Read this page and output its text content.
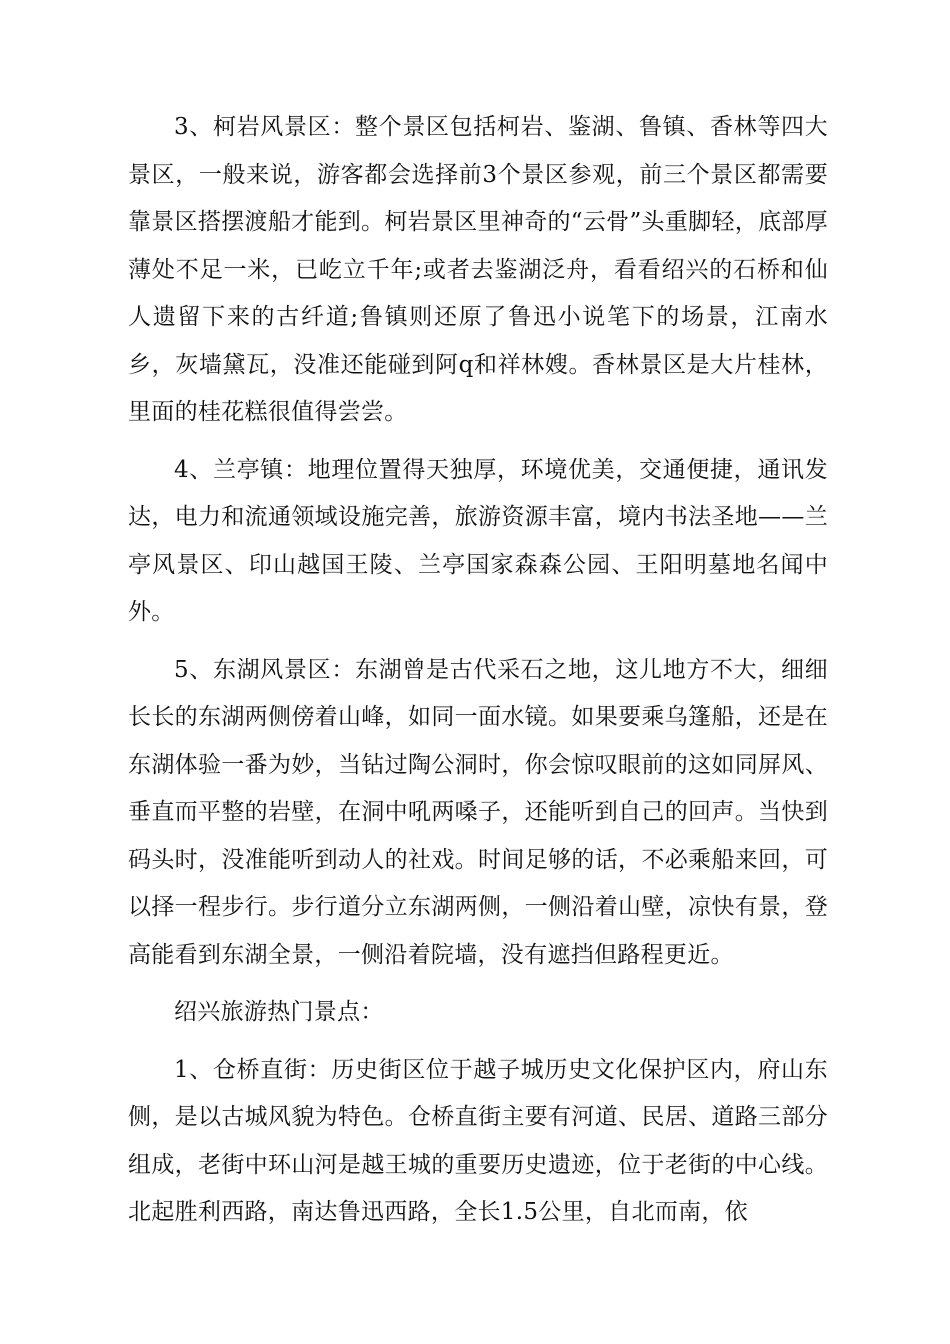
3、柯岩风景区：整个景区包括柯岩、鉴湖、鲁镇、香林等四大景区，一般来说，游客都会选择前3个景区参观，前三个景区都需要靠景区搭摆渡船才能到。柯岩景区里神奇的“云骨”头重脚轻，底部厚薄处不足一米，已屹立千年;或者去鉴湖泛舟，看看绍兴的石桥和仙人遗留下来的古纤道;鲁镇则还原了鲁迅小说笔下的场景，江南水乡，灰墙黛瓦，没准还能碰到阿q和祥林嫂。香林景区是大片桂林，里面的桂花糕很值得尝尝。

4、兰亭镇：地理位置得天独厚，环境优美，交通便捷，通讯发达，电力和流通领域设施完善，旅游资源丰富，境内书法圣地——兰亭风景区、印山越国王陵、兰亭国家森森公园、王阳明墓地名闻中外。

5、东湖风景区：东湖曾是古代采石之地，这儿地方不大，细细长长的东湖两侧傍着山峰，如同一面水镜。如果要乘乌篷船，还是在东湖体验一番为妙，当钻过陶公洞时，你会惊叹眼前的这如同屏风、垂直而平整的岩壁，在洞中吼两嗓子，还能听到自己的回声。当快到码头时，没准能听到动人的社戏。时间足够的话，不必乘船来回，可以择一程步行。步行道分立东湖两侧，一侧沿着山壁，凉快有景，登高能看到东湖全景，一侧沿着院墙，没有遮挡但路程更近。

绍兴旅游热门景点：

1、仓桥直街：历史街区位于越子城历史文化保护区内，府山东侧，是以古城风貌为特色。仓桥直街主要有河道、民居、道路三部分组成，老街中环山河是越王城的重要历史遗迹，位于老街的中心线。北起胜利西路，南达鲁迅西路，全长1.5公里，自北而南，依
